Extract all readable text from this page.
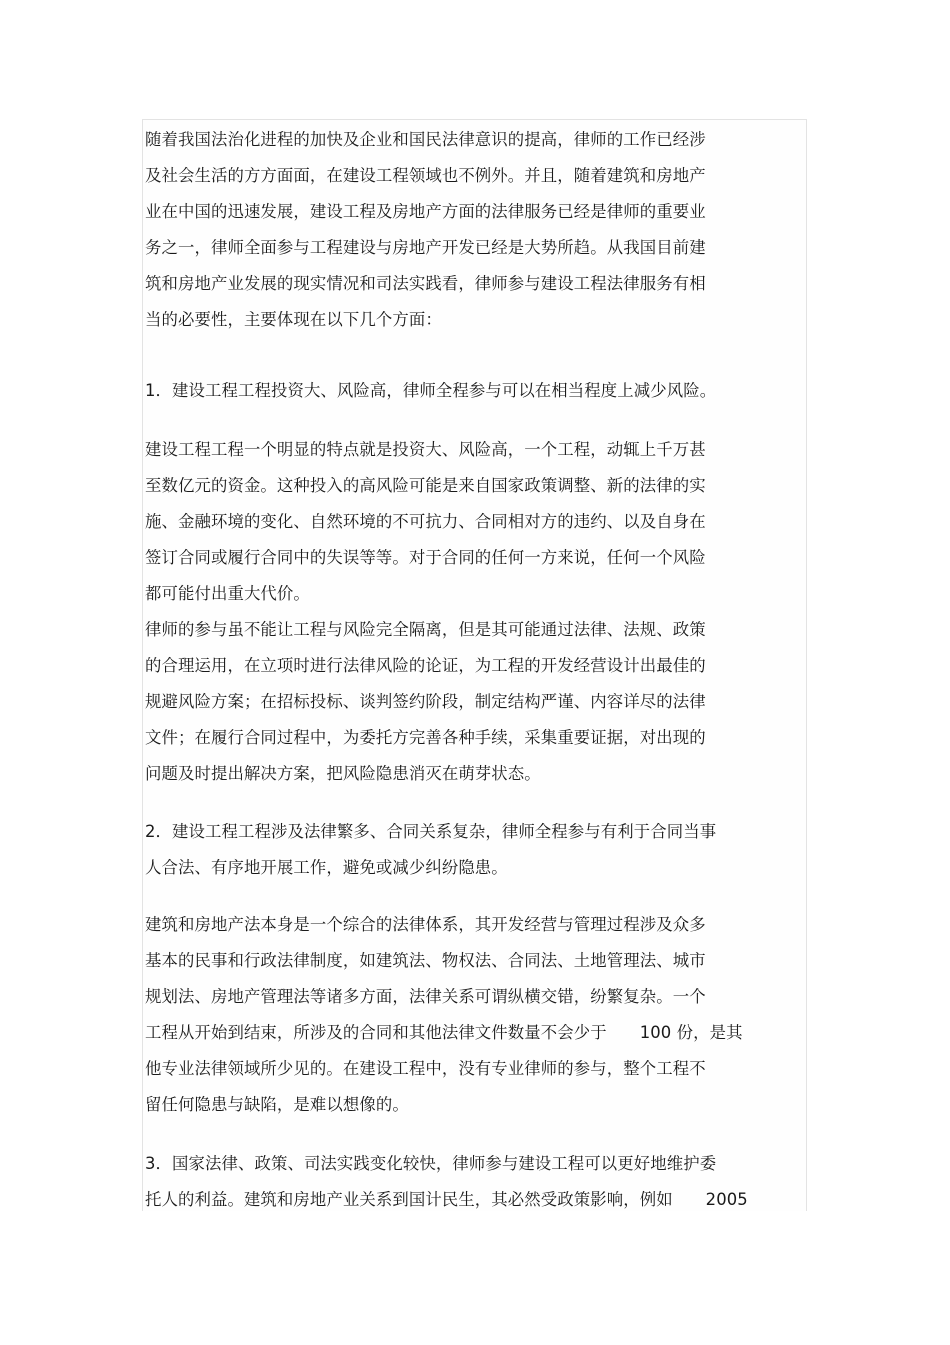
随着我国法治化进程的加快及企业和国民法律意识的提高，律师的工作已经涉
及社会生活的方方面面，在建设工程领域也不例外。并且，随着建筑和房地产
业在中国的迅速发展，建设工程及房地产方面的法律服务已经是律师的重要业
务之一，律师全面参与工程建设与房地产开发已经是大势所趋。从我国目前建
筑和房地产业发展的现实情况和司法实践看，律师参与建设工程法律服务有相
当的必要性，主要体现在以下几个方面：
1．建设工程工程投资大、风险高，律师全程参与可以在相当程度上减少风险。
建设工程工程一个明显的特点就是投资大、风险高，一个工程，动辄上千万甚
至数亿元的资金。这种投入的高风险可能是来自国家政策调整、新的法律的实
施、金融环境的变化、自然环境的不可抗力、合同相对方的违约、以及自身在
签订合同或履行合同中的失误等等。对于合同的任何一方来说，任何一个风险
都可能付出重大代价。
律师的参与虽不能让工程与风险完全隔离，但是其可能通过法律、法规、政策
的合理运用，在立项时进行法律风险的论证，为工程的开发经营设计出最佳的
规避风险方案；在招标投标、谈判签约阶段，制定结构严谨、内容详尽的法律
文件；在履行合同过程中，为委托方完善各种手续，采集重要证据，对出现的
问题及时提出解决方案，把风险隐患消灭在萌芽状态。
2．建设工程工程涉及法律繁多、合同关系复杂，律师全程参与有利于合同当事
人合法、有序地开展工作，避免或减少纠纷隐患。
建筑和房地产法本身是一个综合的法律体系，其开发经营与管理过程涉及众多
基本的民事和行政法律制度，如建筑法、物权法、合同法、土地管理法、城市
规划法、房地产管理法等诸多方面，法律关系可谓纵横交错，纷繁复杂。一个
工程从开始到结束，所涉及的合同和其他法律文件数量不会少于　　100 份，是其
他专业法律领域所少见的。在建设工程中，没有专业律师的参与，整个工程不
留任何隐患与缺陷，是难以想像的。
3．国家法律、政策、司法实践变化较快，律师参与建设工程可以更好地维护委
托人的利益。建筑和房地产业关系到国计民生，其必然受政策影响，例如　　2005
